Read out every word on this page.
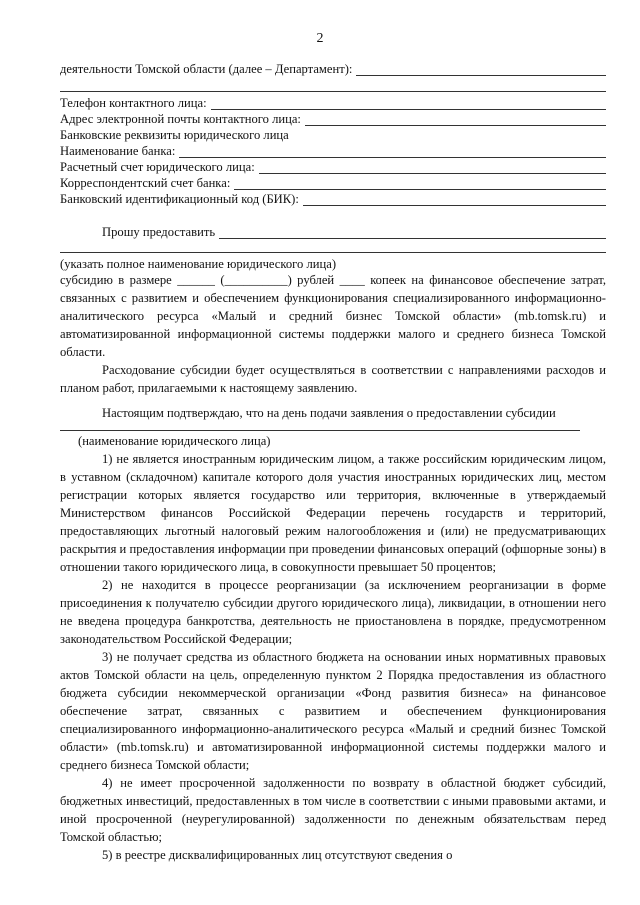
2
деятельности Томской области (далее – Департамент):
Телефон контактного лица:
Адрес электронной почты контактного лица:
Банковские реквизиты юридического лица
Наименование банка:
Расчетный счет юридического лица:
Корреспондентский счет банка:
Банковский идентификационный код (БИК):
Прошу предоставить
(указать полное наименование юридического лица)

субсидию в размере ______ (__________) рублей ____ копеек на финансовое обеспечение затрат, связанных с развитием и обеспечением функционирования специализированного информационно-аналитического ресурса «Малый и средний бизнес Томской области» (mb.tomsk.ru) и автоматизированной информационной системы поддержки малого и среднего бизнеса Томской области.

Расходование субсидии будет осуществляться в соответствии с направлениями расходов и планом работ, прилагаемыми к настоящему заявлению.

Настоящим подтверждаю, что на день подачи заявления о предоставлении субсидии

(наименование юридического лица)

1) не является иностранным юридическим лицом, а также российским юридическим лицом, в уставном (складочном) капитале которого доля участия иностранных юридических лиц, местом регистрации которых является государство или территория, включенные в утверждаемый Министерством финансов Российской Федерации перечень государств и территорий, предоставляющих льготный налоговый режим налогообложения и (или) не предусматривающих раскрытия и предоставления информации при проведении финансовых операций (офшорные зоны) в отношении такого юридического лица, в совокупности превышает 50 процентов;

2) не находится в процессе реорганизации (за исключением реорганизации в форме присоединения к получателю субсидии другого юридического лица), ликвидации, в отношении него не введена процедура банкротства, деятельность не приостановлена в порядке, предусмотренном законодательством Российской Федерации;

3) не получает средства из областного бюджета на основании иных нормативных правовых актов Томской области на цель, определенную пунктом 2 Порядка предоставления из областного бюджета субсидии некоммерческой организации «Фонд развития бизнеса» на финансовое обеспечение затрат, связанных с развитием и обеспечением функционирования специализированного информационно-аналитического ресурса «Малый и средний бизнес Томской области» (mb.tomsk.ru) и автоматизированной информационной системы поддержки малого и среднего бизнеса Томской области;

4) не имеет просроченной задолженности по возврату в областной бюджет субсидий, бюджетных инвестиций, предоставленных в том числе в соответствии с иными правовыми актами, и иной просроченной (неурегулированной) задолженности по денежным обязательствам перед Томской областью;

5) в реестре дисквалифицированных лиц отсутствуют сведения о
